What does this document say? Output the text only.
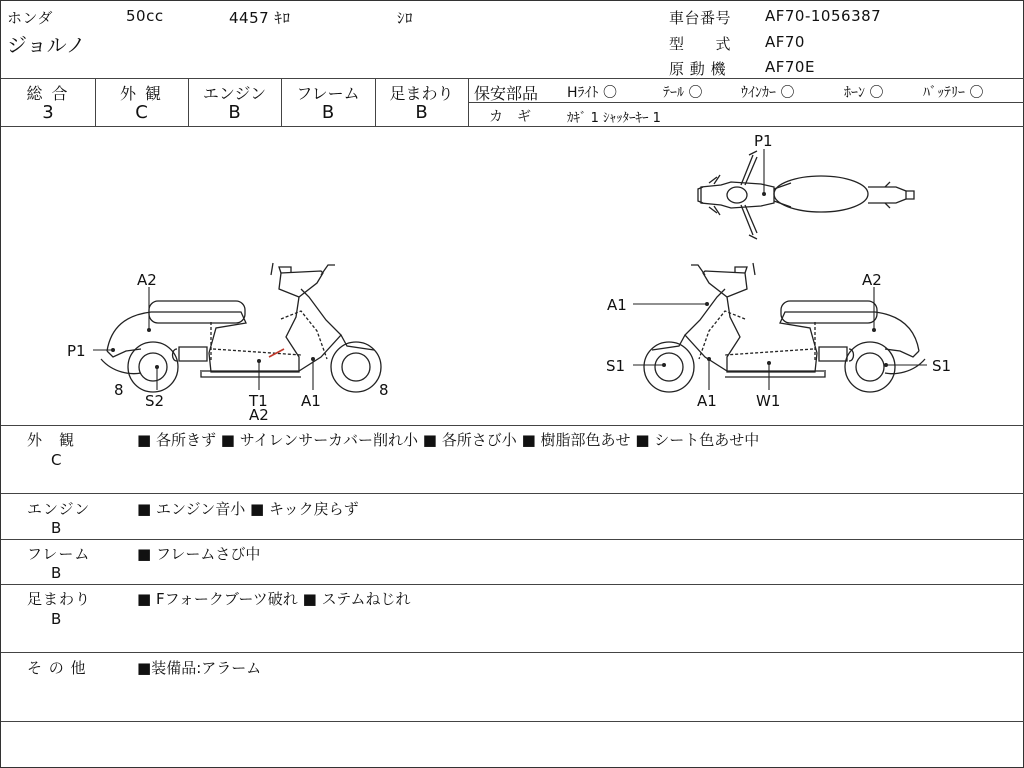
ホンダ	50cc	4457 ｷﾛ	ｼﾛ
ジョルノ
車台番号 AF70-1056387
型　　式 AF70
原 動 機	AF70E
総 合
3
外 観
C
エンジン
B
フレーム
B
足まわり
B
保安部品 Hﾗｲﾄ 〇	ﾃｰﾙ 〇	ｳｲﾝｶｰ 〇	ﾎｰﾝ 〇	ﾊﾞｯﾃﾘｰ 〇
カ　ギ	ｶｷﾞ 1 ｼｬｯﾀｰｷｰ 1
P1
A2
P1
8
S2	T1
A2
A1
8
A1
A2
S1	S1
A1	W1
外　観
C
■ 各所きず ■ サイレンサーカバー削れ小 ■ 各所さび小 ■ 樹脂部色あせ ■ シート色あせ中
エンジン
B
■ エンジン音小 ■ キック戻らず
フレーム
B
■ フレームさび中
足まわり
B
■ Fフォークブーツ破れ ■ ステムねじれ
そ の 他	■装備品:アラーム
